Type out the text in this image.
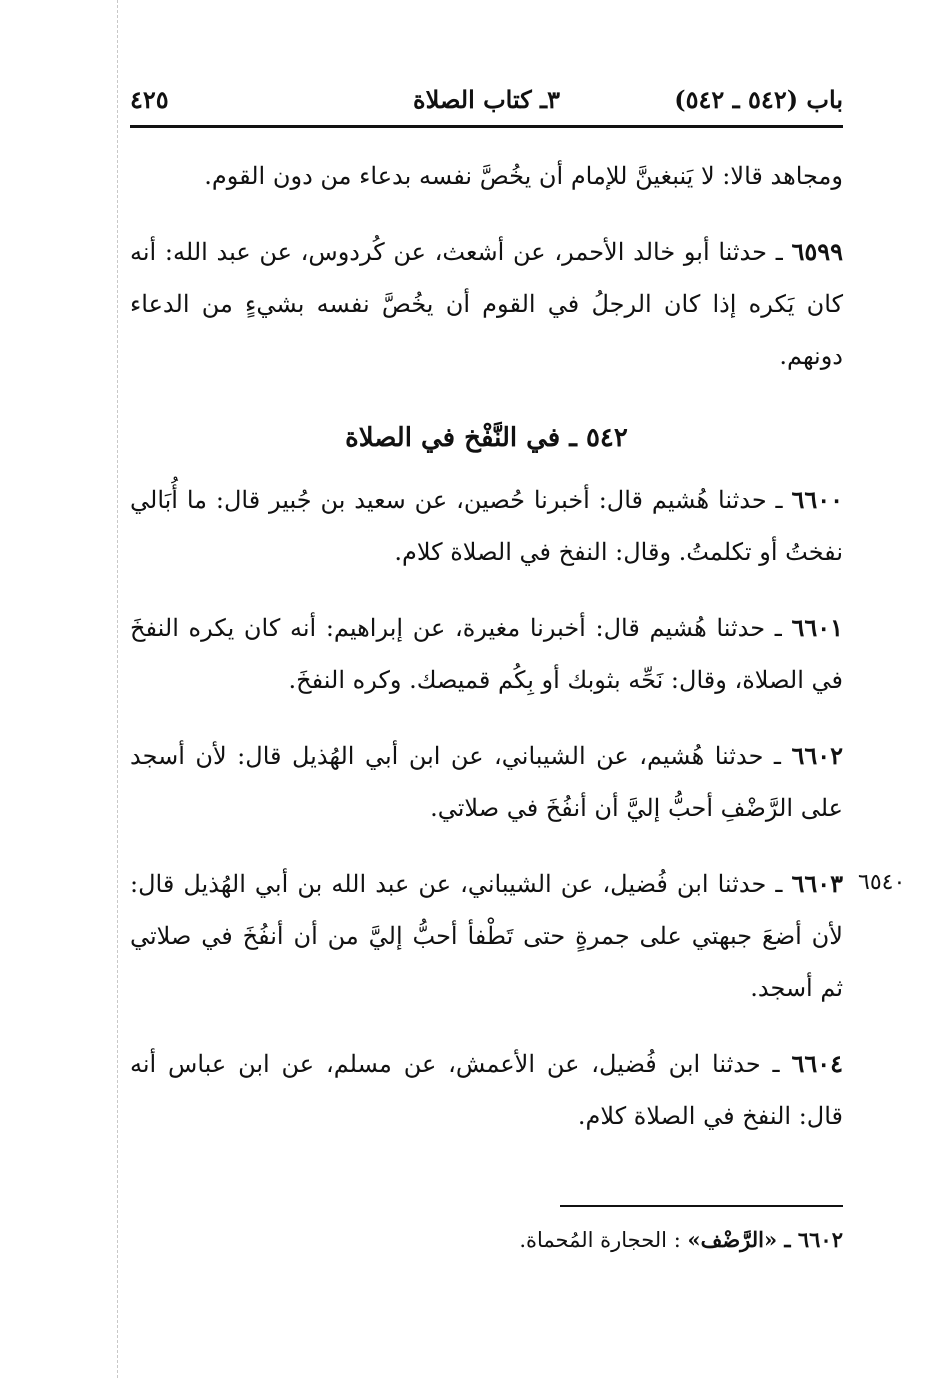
باب (٥٤٢ ـ ٥٤٢)
٣ـ كتاب الصلاة
٤٢٥

ومجاهد قالا: لا يَنبغينَّ للإمام أن يخُصَّ نفسه بدعاء من دون القوم.

٦٥٩٩ ـ حدثنا أبو خالد الأحمر، عن أشعث، عن كُردوس، عن عبد الله: أنه كان يَكره إذا كان الرجلُ في القوم أن يخُصَّ نفسه بشيءٍ من الدعاء دونهم.

٥٤٢ ـ في النَّفْخ في الصلاة

٦٦٠٠ ـ حدثنا هُشيم قال: أخبرنا حُصين، عن سعيد بن جُبير قال: ما أُبَالي نفختُ أو تكلمتُ. وقال: النفخ في الصلاة كلام.

٦٦٠١ ـ حدثنا هُشيم قال: أخبرنا مغيرة، عن إبراهيم: أنه كان يكره النفخَ في الصلاة، وقال: نَحِّه بثوبك أو بِكُم قميصك. وكره النفخَ.

٦٦٠٢ ـ حدثنا هُشيم، عن الشيباني، عن ابن أبي الهُذيل قال: لأن أسجد على الرَّضْفِ أحبُّ إليَّ أن أنفُخَ في صلاتي.

٦٦٠٣ ـ حدثنا ابن فُضيل، عن الشيباني، عن عبد الله بن أبي الهُذيل قال: لأن أضعَ جبهتي على جمرةٍ حتى تَطْفأ أحبُّ إليَّ من أن أنفُخَ في صلاتي ثم أسجد.

٦٦٠٤ ـ حدثنا ابن فُضيل، عن الأعمش، عن مسلم، عن ابن عباس أنه قال: النفخ في الصلاة كلام.

٦٥٤٠
٦٦٠٢ ـ «الرَّضْف» : الحجارة المُحماة.
